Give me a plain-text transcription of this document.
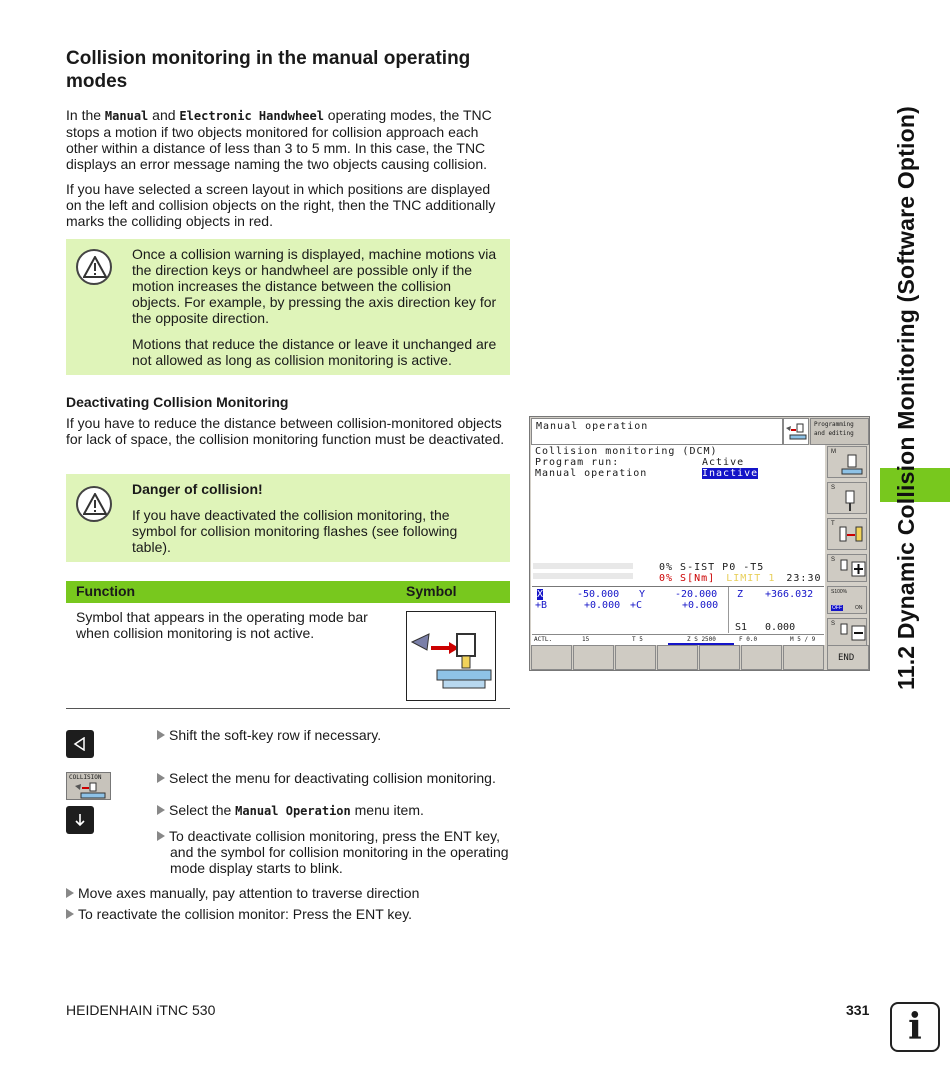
Collision monitoring in the manual operating modes

In the Manual and Electronic Handwheel operating modes, the TNC stops a motion if two objects monitored for collision approach each other within a distance of less than 3 to 5 mm. In this case, the TNC displays an error message naming the two objects causing collision.

If you have selected a screen layout in which positions are displayed on the left and collision objects on the right, then the TNC additionally marks the colliding objects in red.

Once a collision warning is displayed, machine motions via the direction keys or handwheel are possible only if the motion increases the distance between the collision objects. For example, by pressing the axis direction key for the opposite direction.

Motions that reduce the distance or leave it unchanged are not allowed as long as collision monitoring is active.

Deactivating Collision Monitoring

If you have to reduce the distance between collision-monitored objects for lack of space, the collision monitoring function must be deactivated.

Danger of collision!

If you have deactivated the collision monitoring, the symbol for collision monitoring flashes (see following table).

Function	Symbol

Symbol that appears in the operating mode bar when collision monitoring is not active.

Shift the soft-key row if necessary.
COLLISION	Select the menu for deactivating collision monitoring.
Select the Manual Operation menu item.
To deactivate collision monitoring, press the ENT key, and the symbol for collision monitoring in the operating mode display starts to blink.
Move axes manually, pay attention to traverse direction
To reactivate the collision monitor: Press the ENT key.
Manual operation	Programming
and editing
Collision monitoring (DCM)
Program run:	Active
Manual operation	Inactive
0% S-IST P0 -T5
0% S[Nm] LIMIT 1 23:30
X	-50.000 Y	-20.000 Z +366.032
+B	+0.000 +C	+0.000
S1 0.000
ACTL.	15	T 5	Z S 2500	F 0.0	M 5 / 9
M
S
T
S
S100%
OFF	ON
S
END 11.2 Dynamic Collision Monitoring (Software Option)

HEIDENHAIN iTNC 530	331 i
